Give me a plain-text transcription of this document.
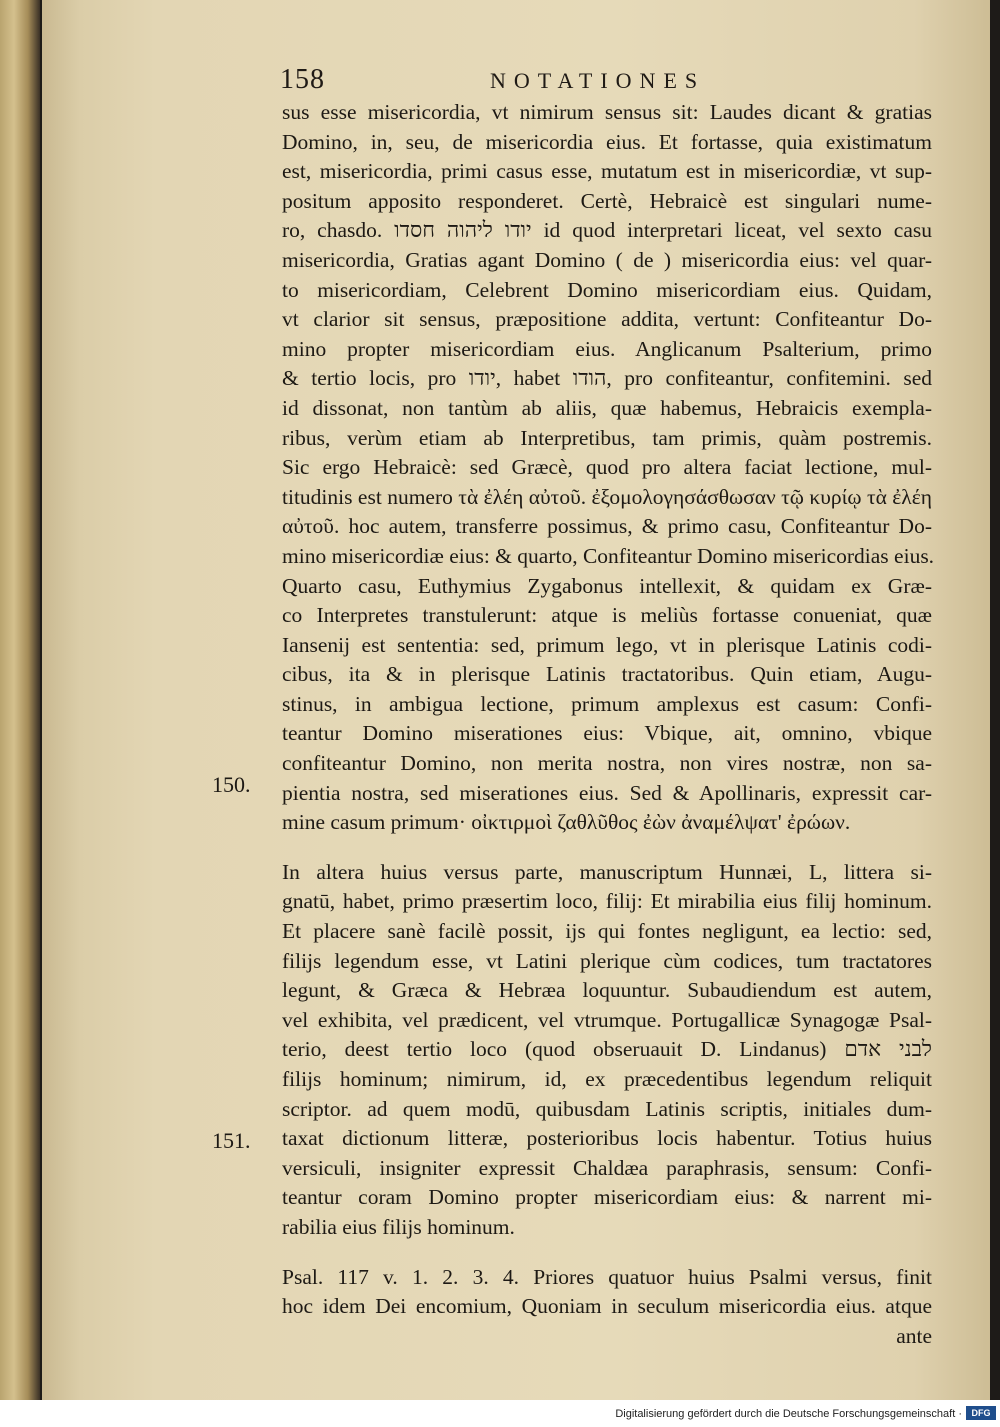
158	NOTATIONES
150.
151.
sus esse misericordia, vt nimirum sensus sit: Laudes dicant & gratias
Domino, in, seu, de misericordia eius. Et fortasse, quia existimatum
est, misericordia, primi casus esse, mutatum est in misericordiæ, vt sup-
positum apposito responderet. Certè, Hebraicè est singulari nume-
ro, chasdo. יודו ליהוה חסדו id quod interpretari liceat, vel sexto casu
misericordia, Gratias agant Domino ( de ) misericordia eius: vel quar-
to misericordiam, Celebrent Domino misericordiam eius. Quidam,
vt clarior sit sensus, præpositione addita, vertunt: Confiteantur Do-
mino propter misericordiam eius. Anglicanum Psalterium, primo
& tertio locis, pro יודו, habet הודו, pro confiteantur, confitemini. sed
id dissonat, non tantùm ab aliis, quæ habemus, Hebraicis exempla-
ribus, verùm etiam ab Interpretibus, tam primis, quàm postremis.
Sic ergo Hebraicè: sed Græcè, quod pro altera faciat lectione, mul-
titudinis est numero τὰ ἐλέη αὐτοῦ. ἐξομολογησάσθωσαν τῷ κυρίῳ τὰ ἐλέη
αὐτοῦ. hoc autem, transferre possimus, & primo casu, Confiteantur Do-
mino misericordiæ eius: & quarto, Confiteantur Domino misericordias eius.
Quarto casu, Euthymius Zygabonus intellexit, & quidam ex Græ-
co Interpretes transtulerunt: atque is meliùs fortasse conueniat, quæ
Iansenij est sententia: sed, primum lego, vt in plerisque Latinis codi-
cibus, ita & in plerisque Latinis tractatoribus. Quin etiam, Augu-
stinus, in ambigua lectione, primum amplexus est casum: Confi-
teantur Domino miserationes eius: Vbique, ait, omnino, vbique
confiteantur Domino, non merita nostra, non vires nostræ, non sa-
pientia nostra, sed miserationes eius. Sed & Apollinaris, expressit car-
mine casum primum· οἰκτιρμοὶ ζαθλῦθος ἐὼν ἀναμέλψατ' ἐρώων.
In altera huius versus parte, manuscriptum Hunnæi, L, littera si-
gnatū, habet, primo præsertim loco, filij: Et mirabilia eius filij hominum.
Et placere sanè facilè possit, ijs qui fontes negligunt, ea lectio: sed,
filijs legendum esse, vt Latini plerique cùm codices, tum tractatores
legunt, & Græca & Hebræa loquuntur. Subaudiendum est autem,
vel exhibita, vel prædicent, vel vtrumque. Portugallicæ Synagogæ Psal-
terio, deest tertio loco (quod obseruauit D. Lindanus) לבני אדם
filijs hominum; nimirum, id, ex præcedentibus legendum reliquit
scriptor. ad quem modū, quibusdam Latinis scriptis, initiales dum-
taxat dictionum litteræ, posterioribus locis habentur. Totius huius
versiculi, insigniter expressit Chaldæa paraphrasis, sensum: Confi-
teantur coram Domino propter misericordiam eius: & narrent mi-
rabilia eius filijs hominum.
Psal. 117 v. 1. 2. 3. 4. Priores quatuor huius Psalmi versus, finit
hoc idem Dei encomium, Quoniam in seculum misericordia eius. atque
ante
Digitalisierung gefördert durch die Deutsche Forschungsgemeinschaft ·	DFG
